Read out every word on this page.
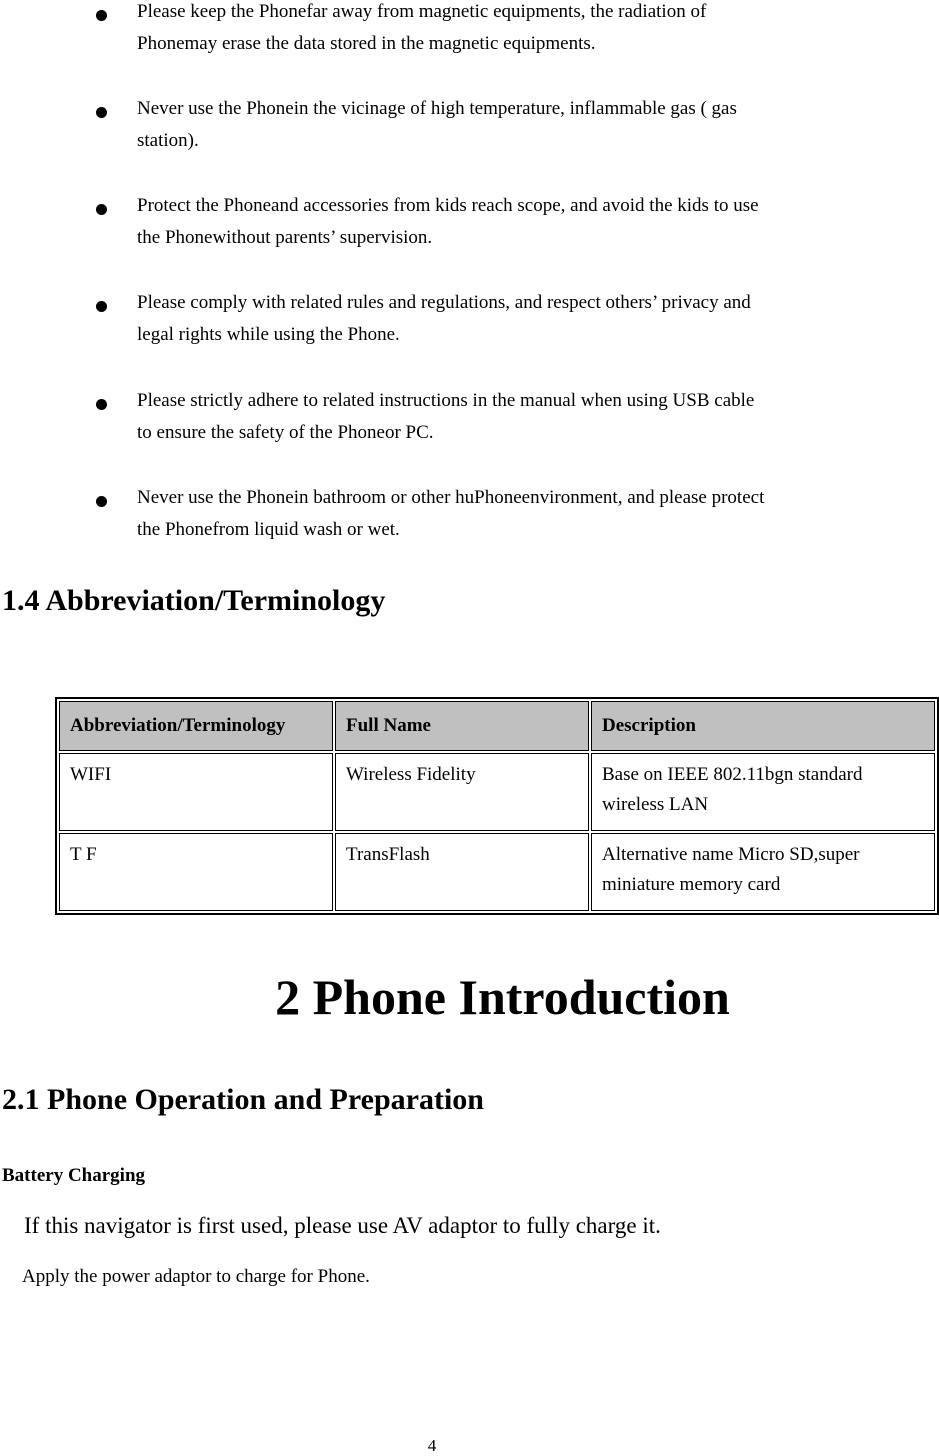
Please keep the Phonefar away from magnetic equipments, the radiation of
Phonemay erase the data stored in the magnetic equipments.
Never use the Phonein the vicinage of high temperature, inflammable gas ( gas
station).
Protect the Phoneand accessories from kids reach scope, and avoid the kids to use
the Phonewithout parents’ supervision.
Please comply with related rules and regulations, and respect others’ privacy and
legal rights while using the Phone.
Please strictly adhere to related instructions in the manual when using USB cable
to ensure the safety of the Phoneor PC.
Never use the Phonein bathroom or other huPhoneenvironment, and please protect
the Phonefrom liquid wash or wet.
1.4 Abbreviation/Terminology
Abbreviation/Terminology	Full Name	Description
WIFI	Wireless Fidelity	Base on IEEE 802.11bgn standard
wireless LAN

T F	TransFlash	Alternative name Micro SD,super
miniature memory card
2 Phone Introduction
2.1 Phone Operation and Preparation
Battery Charging
If this navigator is first used, please use AV adaptor to fully charge it.
Apply the power adaptor to charge for Phone.
4
